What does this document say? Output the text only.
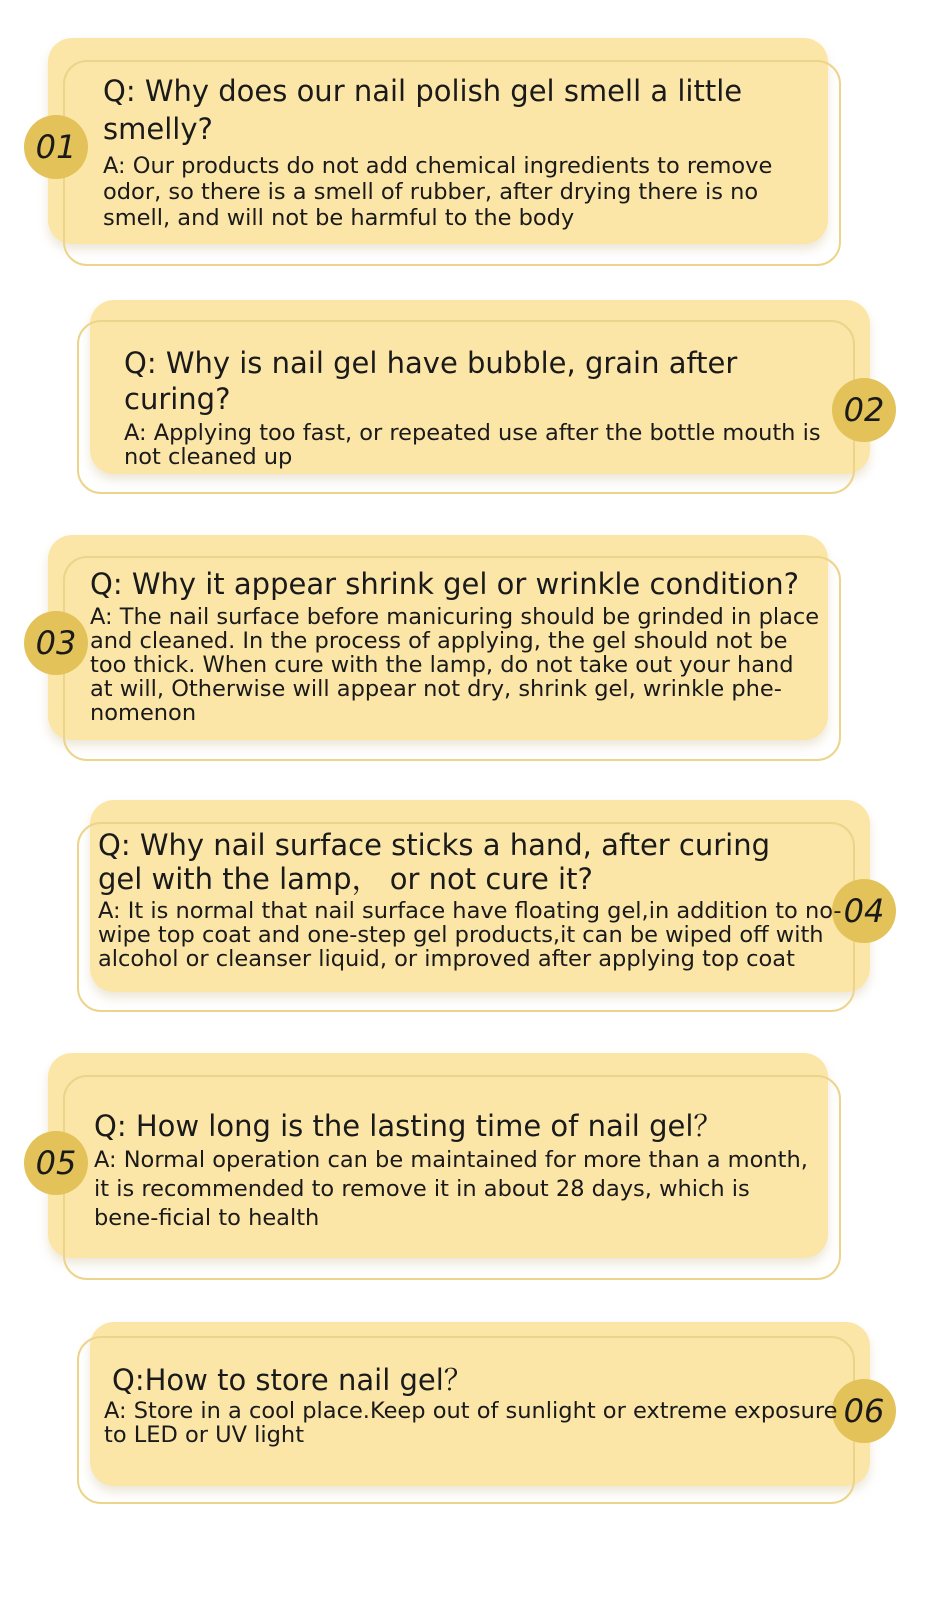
01

Q: Why does our nail polish gel smell a little smelly?

A: Our products do not add chemical ingredients to remove odor, so there is a smell of rubber, after drying there is no smell, and will not be harmful to the body

02

Q: Why is nail gel have bubble, grain after curing?

A: Applying too fast, or repeated use after the bottle mouth is not cleaned up

03

Q: Why it appear shrink gel or wrinkle condition?

A: The nail surface before manicuring should be grinded in place and cleaned. In the process of applying, the gel should not be too thick. When cure with the lamp, do not take out your hand at will, Otherwise will appear not dry, shrink gel, wrinkle phe-nomenon

04

Q: Why nail surface sticks a hand, after curing gel with the lamp， or not cure it?

A: It is normal that nail surface have floating gel,in addition to no-wipe top coat and one-step gel products,it can be wiped off with alcohol or cleanser liquid, or improved after applying top coat

05

Q: How long is the lasting time of nail gel？

A: Normal operation can be maintained for more than a month, it is recommended to remove it in about 28 days, which is bene-ficial to health

06

Q:How to store nail gel？

A: Store in a cool place.Keep out of sunlight or extreme exposure to LED or UV light
